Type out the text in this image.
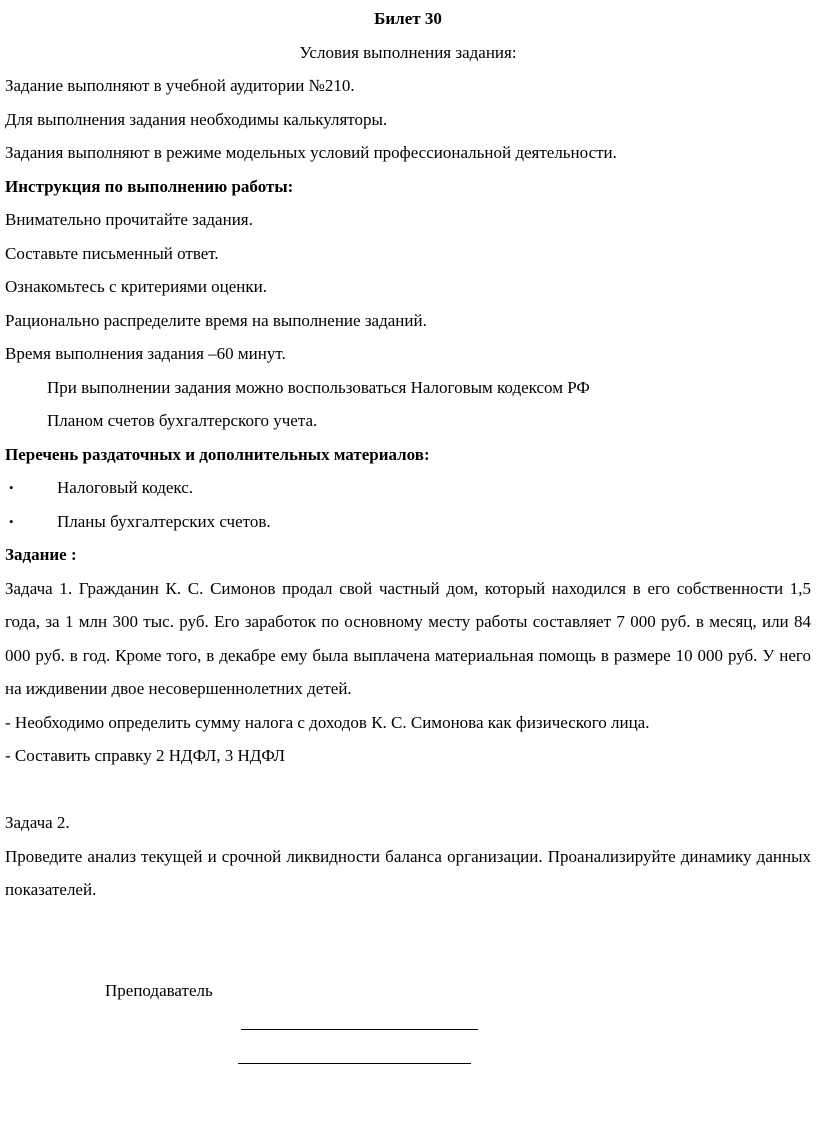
Билет 30
Условия выполнения задания:
Задание выполняют в учебной аудитории №210.
Для выполнения задания необходимы калькуляторы.
Задания выполняют в режиме модельных условий профессиональной деятельности.
Инструкция по выполнению работы:
Внимательно прочитайте задания.
Составьте письменный ответ.
Ознакомьтесь с критериями оценки.
Рационально распределите время на выполнение заданий.
Время выполнения задания –60 минут.
При выполнении задания можно воспользоваться Налоговым кодексом РФ
Планом счетов бухгалтерского учета.
Перечень раздаточных и дополнительных материалов:
•	Налоговый кодекс.
•	Планы бухгалтерских счетов.
Задание :
Задача 1. Гражданин К. С. Симонов продал свой частный дом, который находился в его собственности 1,5 года, за 1 млн 300 тыс. руб. Его заработок по основному месту работы составляет 7 000 руб. в месяц, или 84 000 руб. в год. Кроме того, в декабре ему была выплачена материальная помощь в размере 10 000 руб. У него на иждивении двое несовершеннолетних детей.
- Необходимо определить сумму налога с доходов К. С. Симонова как физического лица.
- Составить справку 2 НДФЛ, 3 НДФЛ
Задача 2.
Проведите анализ текущей и срочной ликвидности баланса организации. Проанализируйте динамику данных показателей.
Преподаватель
